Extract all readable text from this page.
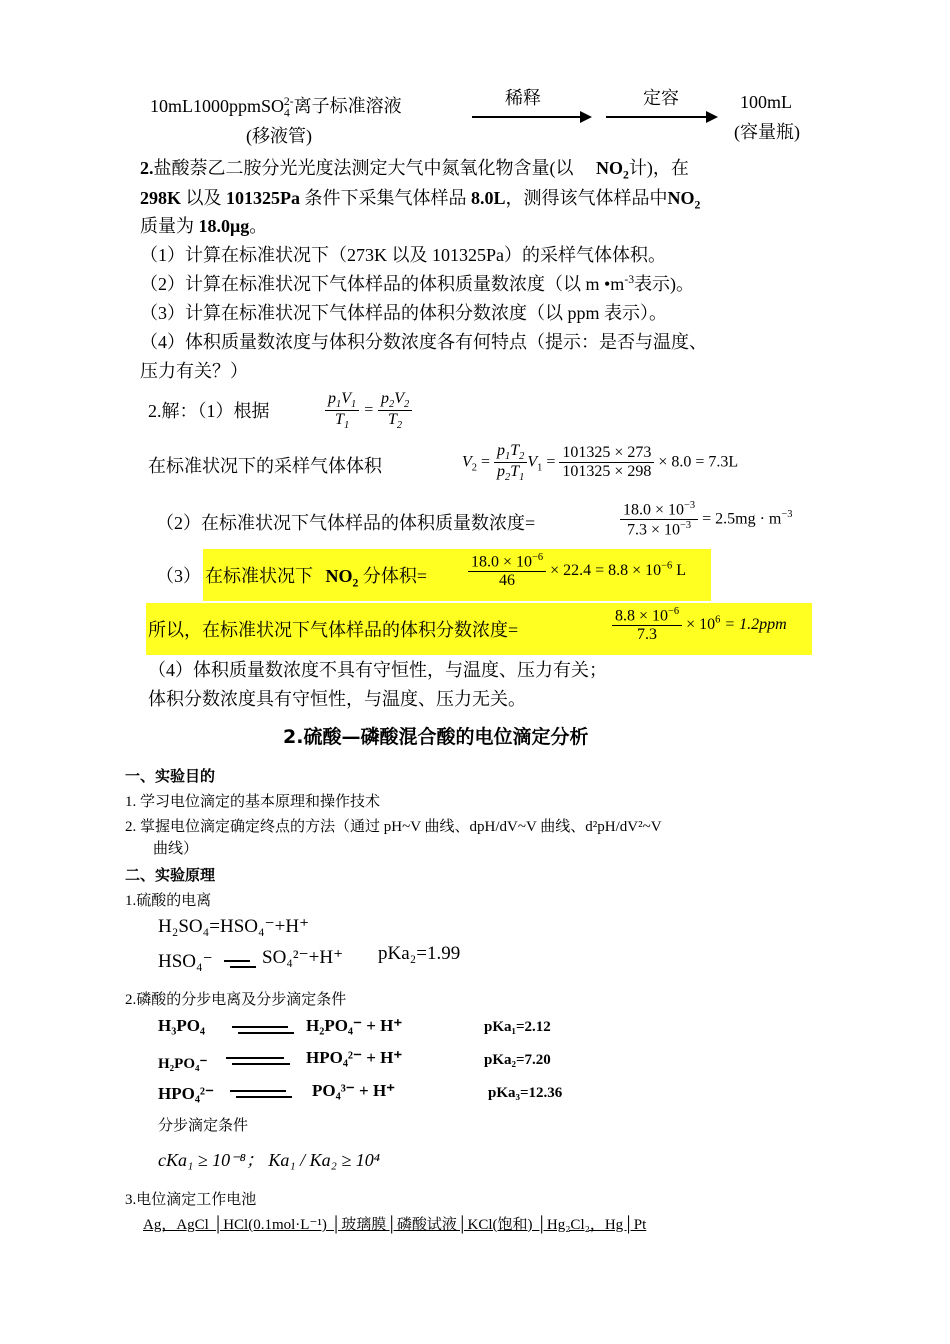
10mL1000ppmSO$_4^{2-}$离子标准溶液
(移液管)
稀释	定容	100mL
(容量瓶)
2.盐酸萘乙二胺分光光度法测定大气中氮氧化物含量(以 $NO_2$计)，在
298K 以及 101325Pa 条件下采集气体样品 8.0L，测得该气体样品中$NO_2$
质量为 18.0μg。
（1）计算在标准状况下（273K 以及 101325Pa）的采样气体体积。
（2）计算在标准状况下气体样品的体积质量数浓度（以 m $•m^{-3}$表示)。
（3）计算在标准状况下气体样品的体积分数浓度（以 ppm 表示）。
（4）体积质量数浓度与体积分数浓度各有何特点（提示：是否与温度、
压力有关？）
2.解：（1）根据	$\frac{p_1V_1}{T_1} = \frac{p_2V_2}{T_2}$
在标准状况下的采样气体体积	$V_2 = \frac{p_1T_2}{p_2T_1} V_1 = \frac{101325 \times 273}{101325 \times 298} \times 8.0 = 7.3L$
（2）在标准状况下气体样品的体积质量数浓度=	$\frac{18.0 \times 10^{-3}}{7.3 \times 10^{-3}} = 2.5mg \cdot m^{-3}$
（3） 在标准状况下 $NO_2$ 分体积=	$\frac{18.0 \times 10^{-6}}{46} \times 22.4 = 8.8 \times 10^{-6}$ L
所以，在标准状况下气体样品的体积分数浓度=	$\frac{8.8 \times 10^{-6}}{7.3} \times 10^6 = 1.2ppm$
（4）体积质量数浓度不具有守恒性，与温度、压力有关；
体积分数浓度具有守恒性，与温度、压力无关。
2.硫酸—磷酸混合酸的电位滴定分析
一、实验目的
1. 学习电位滴定的基本原理和操作技术
2. 掌握电位滴定确定终点的方法（通过 pH~V 曲线、dpH/dV~V 曲线、d²pH/dV²~V
曲线）
二、实验原理
1.硫酸的电离
H₂SO₄=HSO₄⁻+H⁺
HSO₄⁻	SO₄²⁻+H⁺ pKa₂=1.99
2.磷酸的分步电离及分步滴定条件
H₃PO₄	H₂PO₄⁻ + H⁺	pKa₁=2.12
H₂PO₄⁻	HPO₄²⁻ + H⁺	pKa₂=7.20
HPO₄²⁻	PO₄³⁻ + H⁺	pKa₃=12.36
分步滴定条件
cKa₁ ≥ 10⁻⁸； Ka₁ / Ka₂ ≥ 10⁴
3.电位滴定工作电池
Ag，AgCl │HCl(0.1mol·L⁻¹) │玻璃膜│磷酸试液│KCl(饱和) │Hg₂Cl₂，Hg│Pt
